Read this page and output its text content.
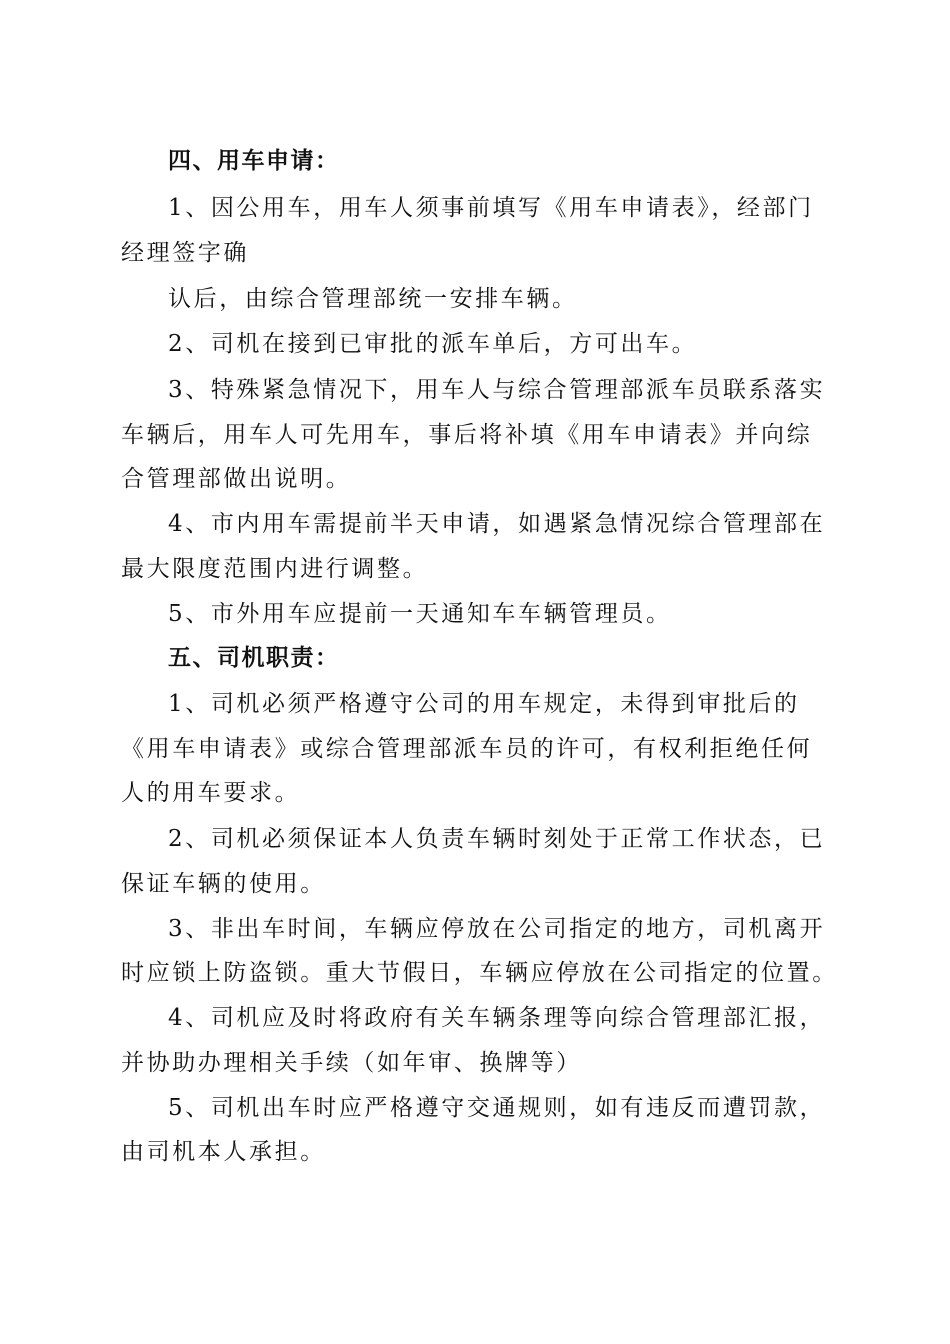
四、用车申请：
1、因公用车，用车人须事前填写《用车申请表》，经部门
经理签字确
认后，由综合管理部统一安排车辆。
2、司机在接到已审批的派车单后，方可出车。
3、特殊紧急情况下，用车人与综合管理部派车员联系落实
车辆后，用车人可先用车，事后将补填《用车申请表》并向综
合管理部做出说明。
4、市内用车需提前半天申请，如遇紧急情况综合管理部在
最大限度范围内进行调整。
5、市外用车应提前一天通知车车辆管理员。
五、司机职责：
1、司机必须严格遵守公司的用车规定，未得到审批后的
《用车申请表》或综合管理部派车员的许可，有权利拒绝任何
人的用车要求。
2、司机必须保证本人负责车辆时刻处于正常工作状态，已
保证车辆的使用。
3、非出车时间，车辆应停放在公司指定的地方，司机离开
时应锁上防盗锁。重大节假日，车辆应停放在公司指定的位置。
4、司机应及时将政府有关车辆条理等向综合管理部汇报，
并协助办理相关手续（如年审、换牌等）
5、司机出车时应严格遵守交通规则，如有违反而遭罚款，
由司机本人承担。
